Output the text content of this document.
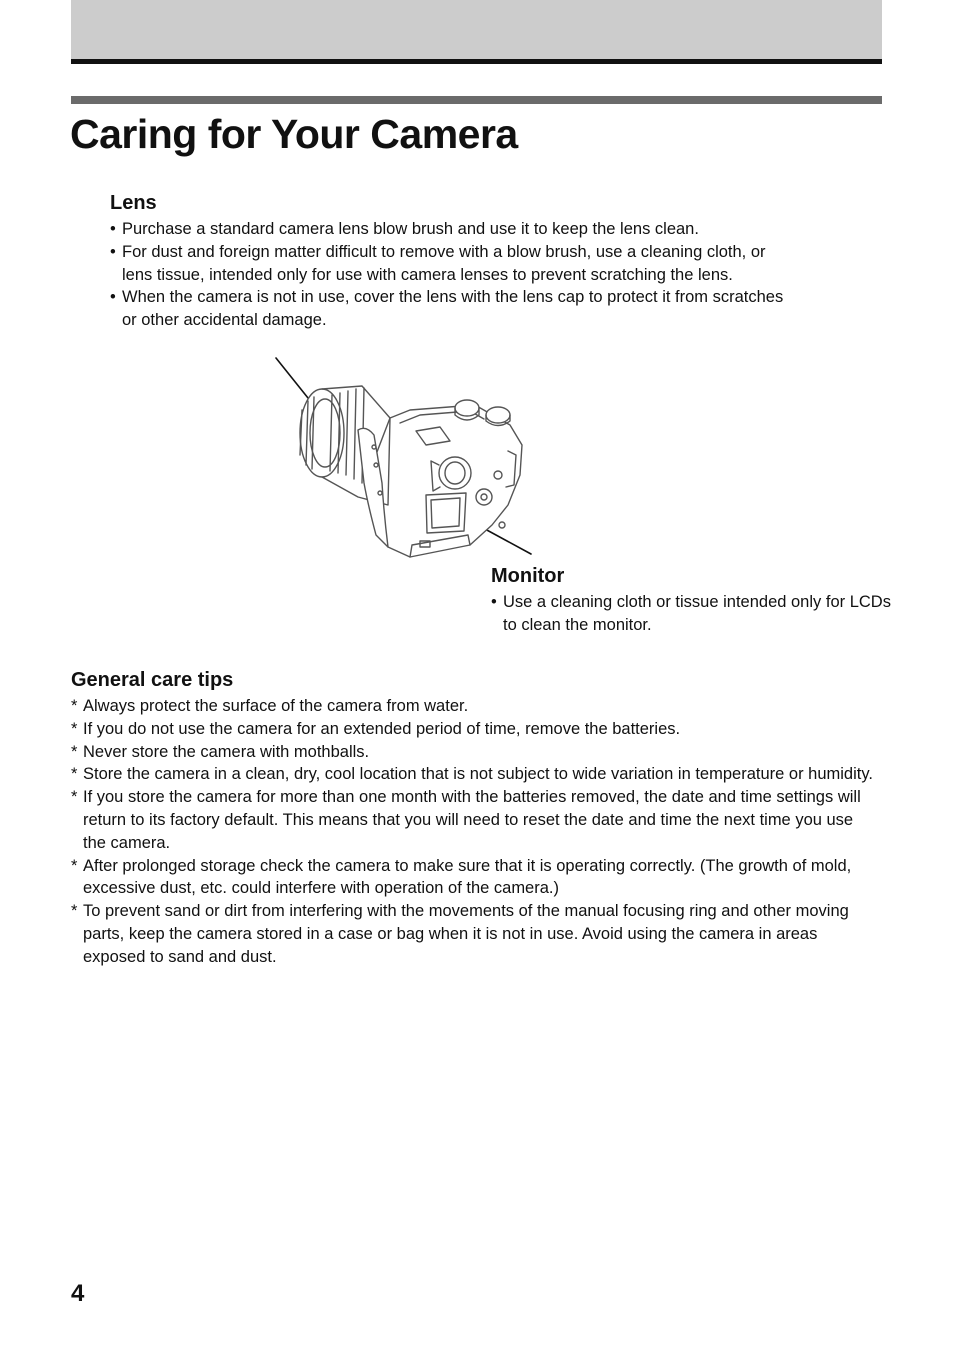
Caring for Your Camera
Lens
• Purchase a standard camera lens blow brush and use it to keep the lens clean.
• For dust and foreign matter difficult to remove with a blow brush, use a cleaning cloth, or lens tissue, intended only for use with camera lenses to prevent scratching the lens.
• When the camera is not in use, cover the lens with the lens cap to protect it from scratches or other accidental damage.
Monitor
• Use a cleaning cloth or tissue intended only for LCDs to clean the monitor.
General care tips
* Always protect the surface of the camera from water.
* If you do not use the camera for an extended period of time, remove the batteries.
* Never store the camera with mothballs.
* Store the camera in a clean, dry, cool location that is not subject to wide variation in temperature or humidity.
* If you store the camera for more than one month with the batteries removed, the date and time settings will return to its factory default. This means that you will need to reset the date and time the next time you use the camera.
* After prolonged storage check the camera to make sure that it is operating correctly. (The growth of mold, excessive dust, etc. could interfere with operation of the camera.)
* To prevent sand or dirt from interfering with the movements of the manual focusing ring and other moving parts, keep the camera stored in a case or bag when it is not in use. Avoid using the camera in areas exposed to sand and dust.
4
